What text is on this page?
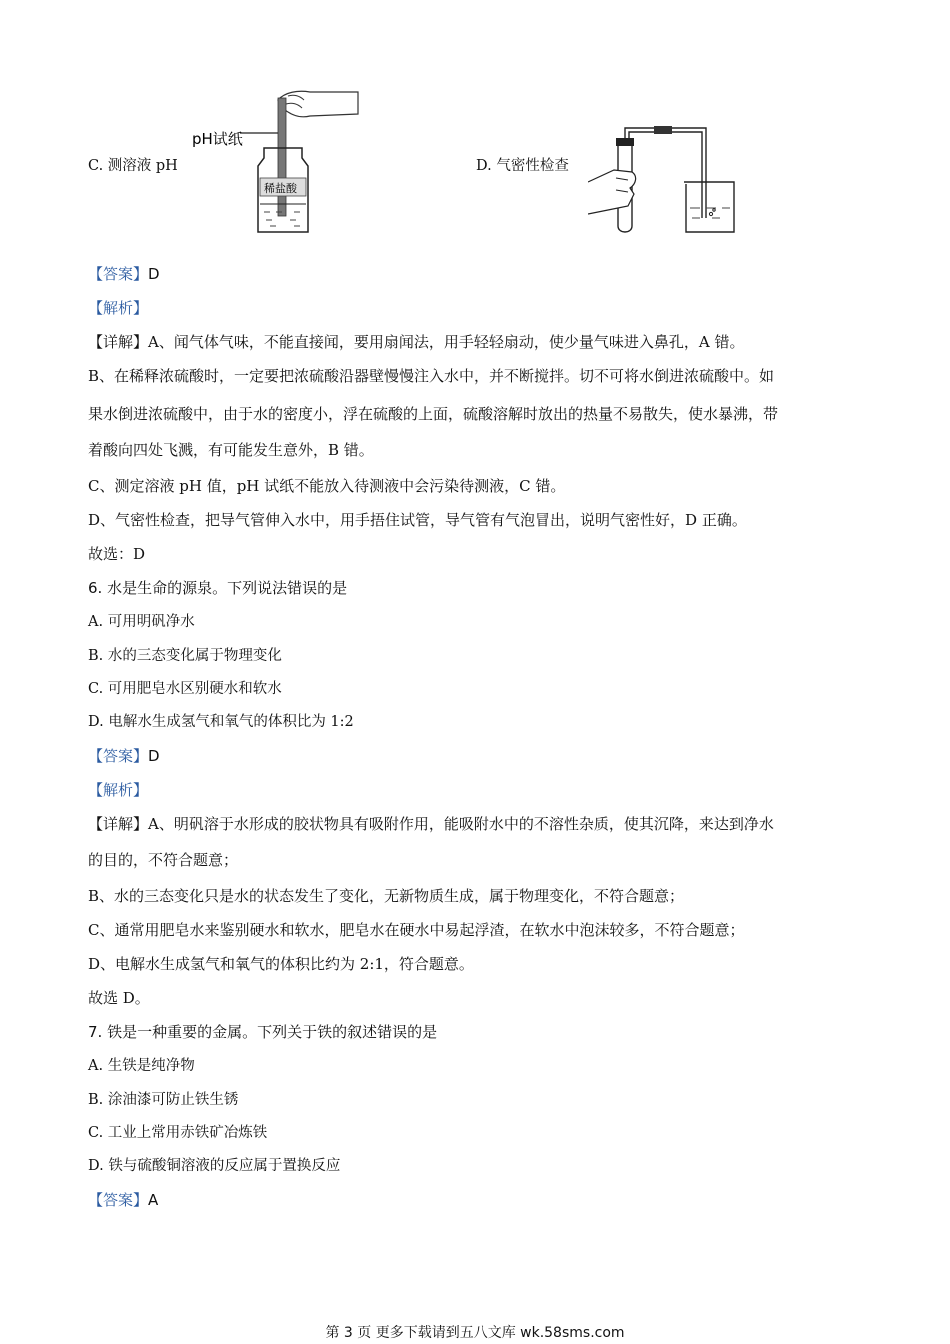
C. 测溶液 pH
pH试纸
稀盐酸
D. 气密性检查
【答案】D
【解析】
【详解】A、闻气体气味，不能直接闻，要用扇闻法，用手轻轻扇动，使少量气味进入鼻孔，A 错。
B、在稀释浓硫酸时，一定要把浓硫酸沿器壁慢慢注入水中，并不断搅拌。切不可将水倒进浓硫酸中。如
果水倒进浓硫酸中，由于水的密度小，浮在硫酸的上面，硫酸溶解时放出的热量不易散失，使水暴沸，带
着酸向四处飞溅，有可能发生意外，B 错。
C、测定溶液 pH 值，pH 试纸不能放入待测液中会污染待测液，C 错。
D、气密性检查，把导气管伸入水中，用手捂住试管，导气管有气泡冒出，说明气密性好，D 正确。
故选：D
6. 水是生命的源泉。下列说法错误的是
A. 可用明矾净水
B. 水的三态变化属于物理变化
C. 可用肥皂水区别硬水和软水
D. 电解水生成氢气和氧气的体积比为 1:2
【答案】D
【解析】
【详解】A、明矾溶于水形成的胶状物具有吸附作用，能吸附水中的不溶性杂质，使其沉降，来达到净水
的目的，不符合题意；
B、水的三态变化只是水的状态发生了变化，无新物质生成，属于物理变化，不符合题意；
C、通常用肥皂水来鉴别硬水和软水，肥皂水在硬水中易起浮渣，在软水中泡沫较多，不符合题意；
D、电解水生成氢气和氧气的体积比约为 2:1，符合题意。
故选 D。
7. 铁是一种重要的金属。下列关于铁的叙述错误的是
A. 生铁是纯净物
B. 涂油漆可防止铁生锈
C. 工业上常用赤铁矿冶炼铁
D. 铁与硫酸铜溶液的反应属于置换反应
【答案】A
第 3 页 更多下载请到五八文库 wk.58sms.com
